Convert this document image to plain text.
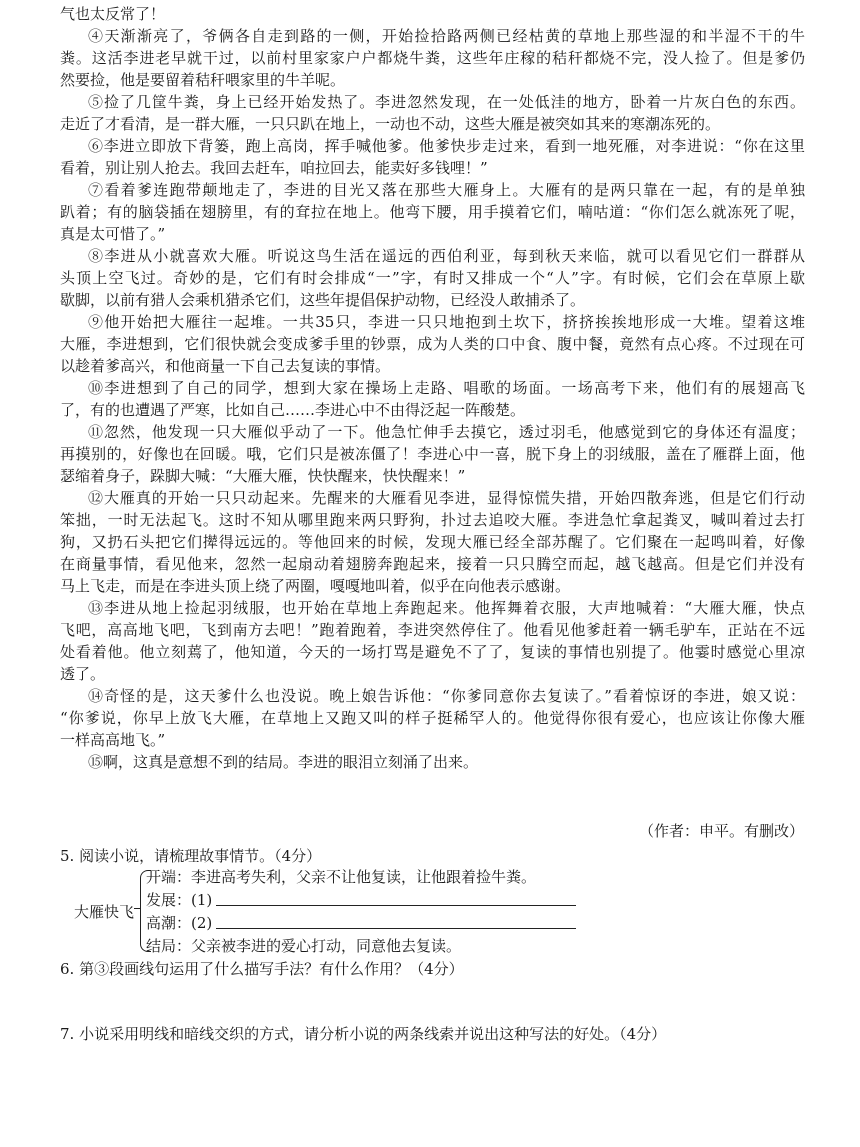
气也太反常了！
④天渐渐亮了，爷俩各自走到路的一侧，开始捡拾路两侧已经枯黄的草地上那些湿的和半湿不干的牛
粪。这活李进老早就干过，以前村里家家户户都烧牛粪，这些年庄稼的秸秆都烧不完，没人捡了。但是爹仍
然要捡，他是要留着秸秆喂家里的牛羊呢。
⑤捡了几筐牛粪，身上已经开始发热了。李进忽然发现，在一处低洼的地方，卧着一片灰白色的东西。
走近了才看清，是一群大雁，一只只趴在地上，一动也不动，这些大雁是被突如其来的寒潮冻死的。
⑥李进立即放下背篓，跑上高岗，挥手喊他爹。他爹快步走过来，看到一地死雁，对李进说：“你在这里
看着，别让别人抢去。我回去赶车，咱拉回去，能卖好多钱哩！”
⑦看着爹连跑带颠地走了，李进的目光又落在那些大雁身上。大雁有的是两只靠在一起，有的是单独
趴着；有的脑袋插在翅膀里，有的耷拉在地上。他弯下腰，用手摸着它们，喃咕道：“你们怎么就冻死了呢，
真是太可惜了。”
⑧李进从小就喜欢大雁。听说这鸟生活在遥远的西伯利亚，每到秋天来临，就可以看见它们一群群从
头顶上空飞过。奇妙的是，它们有时会排成“一”字，有时又排成一个“人”字。有时候，它们会在草原上歇
歇脚，以前有猎人会乘机猎杀它们，这些年提倡保护动物，已经没人敢捕杀了。
⑨他开始把大雁往一起堆。一共35只，李进一只只地抱到土坎下，挤挤挨挨地形成一大堆。望着这堆
大雁，李进想到，它们很快就会变成爹手里的钞票，成为人类的口中食、腹中餐，竟然有点心疼。不过现在可
以趁着爹高兴，和他商量一下自己去复读的事情。
⑩李进想到了自己的同学，想到大家在操场上走路、唱歌的场面。一场高考下来，他们有的展翅高飞
了，有的也遭遇了严寒，比如自己……李进心中不由得泛起一阵酸楚。
⑪忽然，他发现一只大雁似乎动了一下。他急忙伸手去摸它，透过羽毛，他感觉到它的身体还有温度；
再摸别的，好像也在回暖。哦，它们只是被冻僵了！李进心中一喜，脱下身上的羽绒服，盖在了雁群上面，他
瑟缩着身子，跺脚大喊：“大雁大雁，快快醒来，快快醒来！”
⑫大雁真的开始一只只动起来。先醒来的大雁看见李进，显得惊慌失措，开始四散奔逃，但是它们行动
笨拙，一时无法起飞。这时不知从哪里跑来两只野狗，扑过去追咬大雁。李进急忙拿起粪叉，喊叫着过去打
狗，又扔石头把它们撵得远远的。等他回来的时候，发现大雁已经全部苏醒了。它们聚在一起鸣叫着，好像
在商量事情，看见他来，忽然一起扇动着翅膀奔跑起来，接着一只只腾空而起，越飞越高。但是它们并没有
马上飞走，而是在李进头顶上绕了两圈，嘎嘎地叫着，似乎在向他表示感谢。
⑬李进从地上捡起羽绒服，也开始在草地上奔跑起来。他挥舞着衣服，大声地喊着：“大雁大雁，快点
飞吧，高高地飞吧，飞到南方去吧！”跑着跑着，李进突然停住了。他看见他爹赶着一辆毛驴车，正站在不远
处看着他。他立刻蔫了，他知道，今天的一场打骂是避免不了了，复读的事情也别提了。他霎时感觉心里凉
透了。
⑭奇怪的是，这天爹什么也没说。晚上娘告诉他：“你爹同意你去复读了。”看着惊讶的李进，娘又说：
“你爹说，你早上放飞大雁，在草地上又跑又叫的样子挺稀罕人的。他觉得你很有爱心，也应该让你像大雁
一样高高地飞。”
⑮啊，这真是意想不到的结局。李进的眼泪立刻涌了出来。
（作者：申平。有删改）
5. 阅读小说，请梳理故事情节。（4分）
大雁快飞
开端：李进高考失利，父亲不让他复读，让他跟着捡牛粪。
发展：(1)
高潮：(2)
结局：父亲被李进的爱心打动，同意他去复读。
6. 第③段画线句运用了什么描写手法？有什么作用？（4分）
7. 小说采用明线和暗线交织的方式，请分析小说的两条线索并说出这种写法的好处。（4分）
